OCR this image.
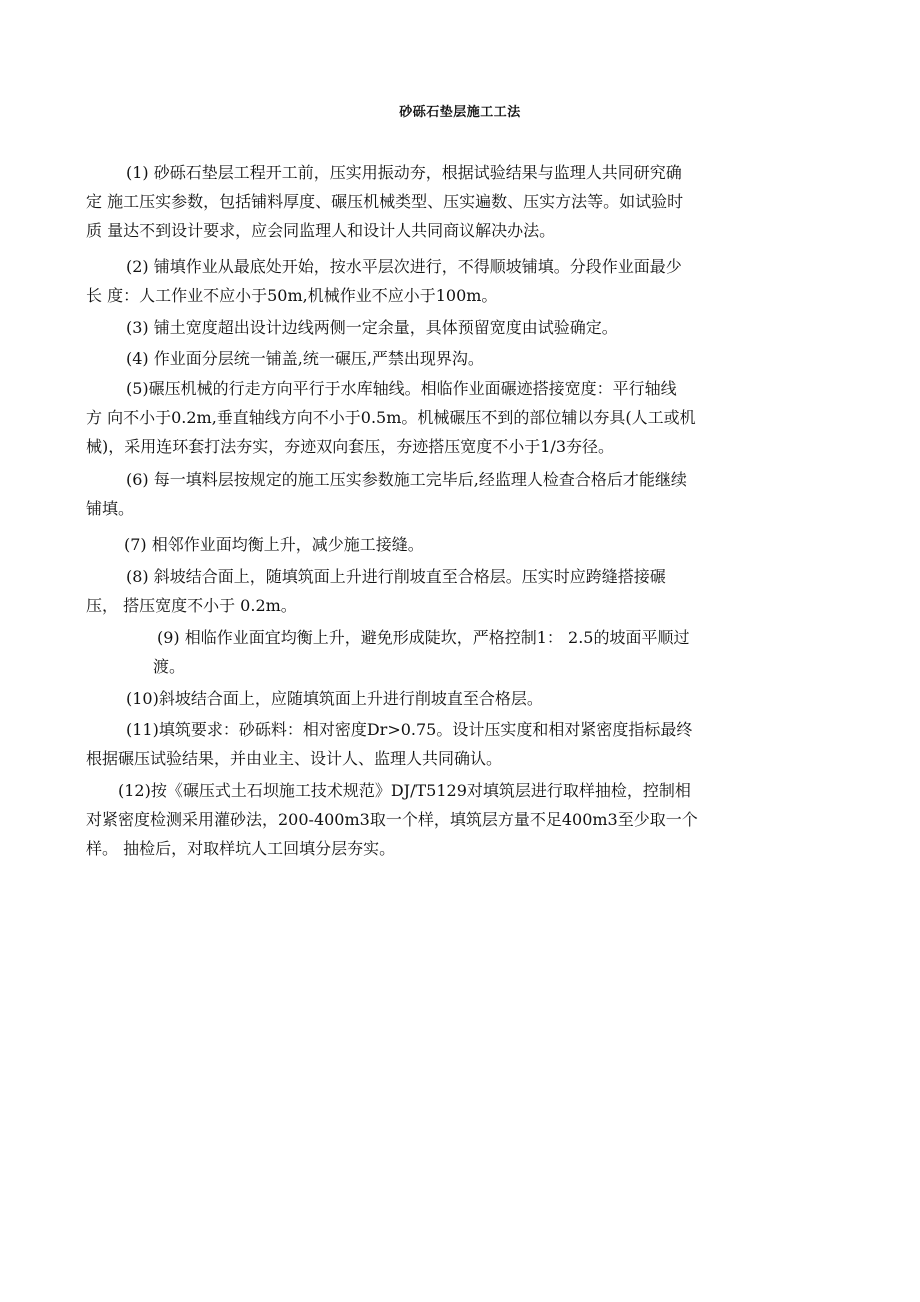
砂砾石垫层施工工法
(1) 砂砾石垫层工程开工前，压实用振动夯，根据试验结果与监理人共同研究确
定 施工压实参数，包括铺料厚度、碾压机械类型、压实遍数、压实方法等。如试验时
质 量达不到设计要求，应会同监理人和设计人共同商议解决办法。
(2) 铺填作业从最底处开始，按水平层次进行，不得顺坡铺填。分段作业面最少
长 度：人工作业不应小于50m,机械作业不应小于100m。
(3) 铺土宽度超出设计边线两侧一定余量，具体预留宽度由试验确定。
(4) 作业面分层统一铺盖,统一碾压,严禁出现界沟。
(5)碾压机械的行走方向平行于水库轴线。相临作业面碾迹搭接宽度：平行轴线
方 向不小于0.2m,垂直轴线方向不小于0.5m。机械碾压不到的部位辅以夯具(人工或机
械)，采用连环套打法夯实，夯迹双向套压，夯迹搭压宽度不小于1/3夯径。
(6) 每一填料层按规定的施工压实参数施工完毕后,经监理人检查合格后才能继续
铺填。
(7) 相邻作业面均衡上升，减少施工接缝。
(8) 斜坡结合面上，随填筑面上升进行削坡直至合格层。压实时应跨缝搭接碾
压， 搭压宽度不小于 0.2m。
(9) 相临作业面宜均衡上升，避免形成陡坎，严格控制1： 2.5的坡面平顺过
渡。
(10)斜坡结合面上，应随填筑面上升进行削坡直至合格层。
(11)填筑要求：砂砾料：相对密度Dr>0.75。设计压实度和相对紧密度指标最终
根据碾压试验结果，并由业主、设计人、监理人共同确认。
(12)按《碾压式土石坝施工技术规范》DJ/T5129对填筑层进行取样抽检，控制相
对紧密度检测采用灌砂法，200-400m3取一个样，填筑层方量不足400m3至少取一个
样。 抽检后，对取样坑人工回填分层夯实。
